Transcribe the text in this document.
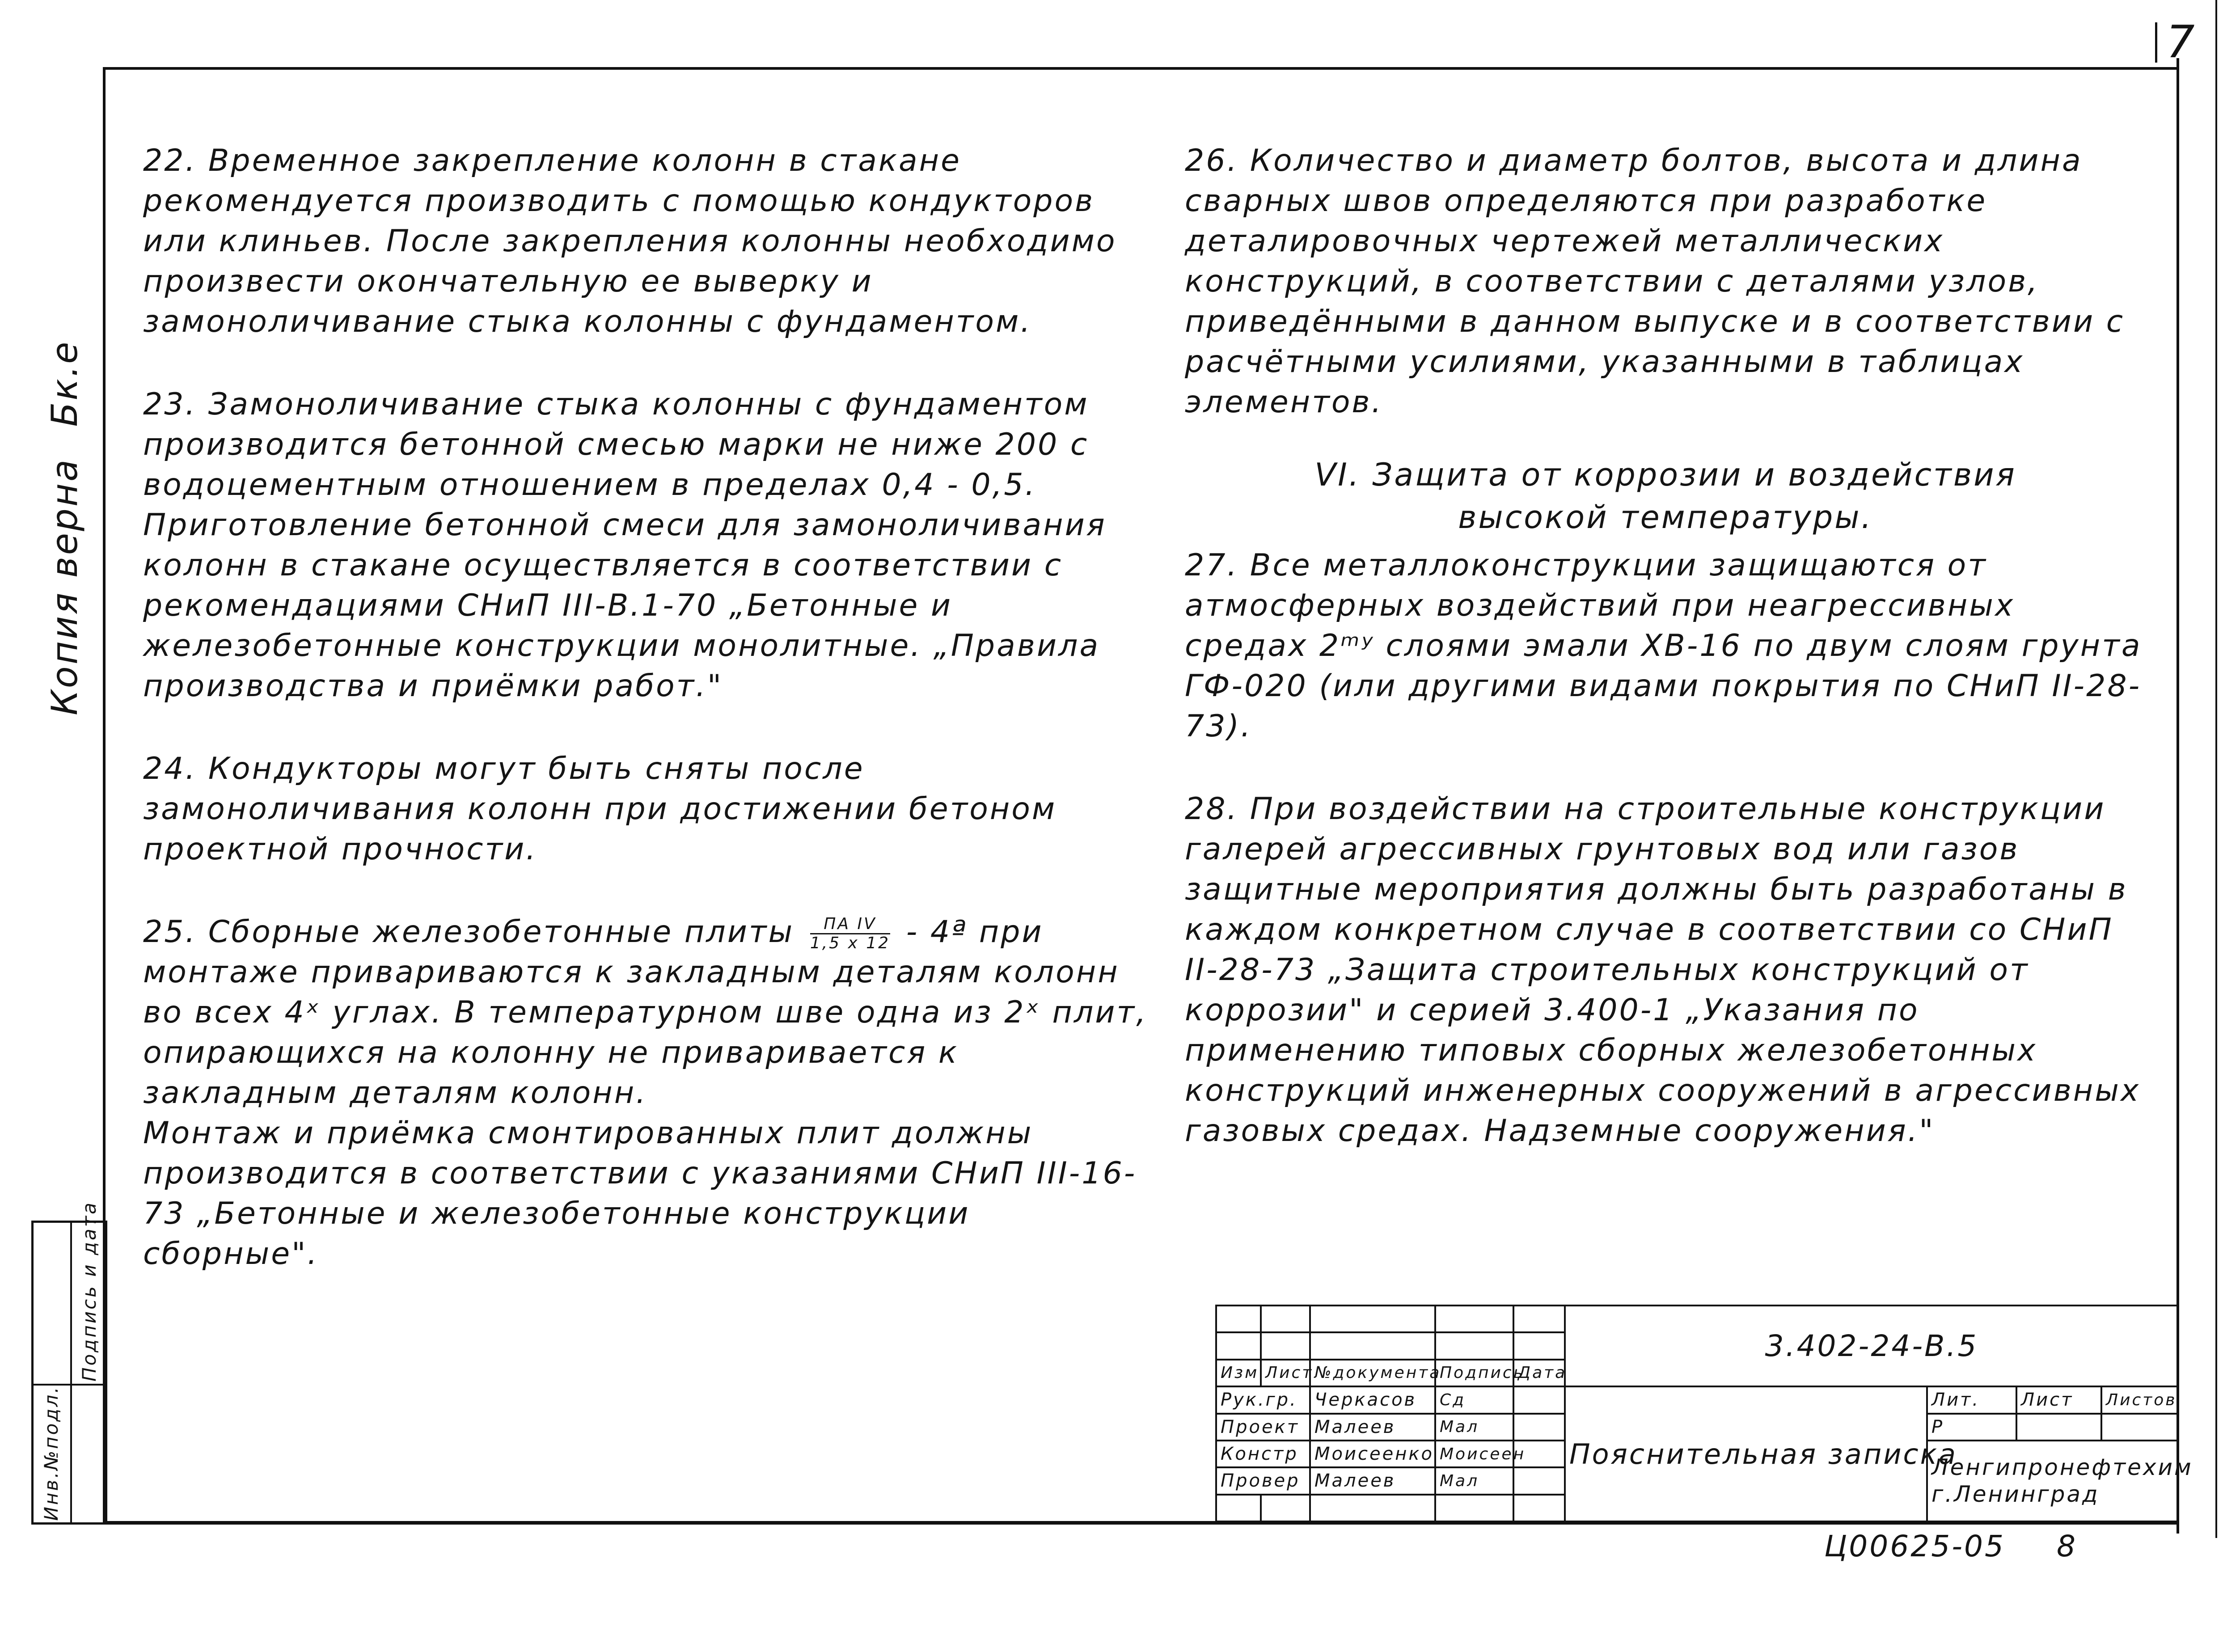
7
Копия верна Бк.е
Инв.№подл.
Подпись и дата

22. Временное закрепление колонн в стакане рекомендуется производить с помощью кондукторов или клиньев. После закрепления колонны необходимо произвести окончательную ее выверку и замоноличивание стыка колонны с фундаментом.

23. Замоноличивание стыка колонны с фундаментом производится бетонной смесью марки не ниже 200 с водоцементным отношением в пределах 0,4 - 0,5. Приготовление бетонной смеси для замоноличивания колонн в стакане осуществляется в соответствии с рекомендациями СНиП III-В.1-70 „Бетонные и железобетонные конструкции монолитные. „Правила производства и приёмки работ."

24. Кондукторы могут быть сняты после замоноличивания колонн при достижении бетоном проектной прочности.

25. Сборные железобетонные плиты	ПА IV
1,5 x 12 - 4ª при монтаже привариваются к закладным деталям колонн во всех 4ˣ углах. В температурном шве одна из 2ˣ плит, опирающихся на колонну не приваривается к закладным деталям колонн.

Монтаж и приёмка смонтированных плит должны производится в соответствии с указаниями СНиП III-16-73 „Бетонные и железобетонные конструкции сборные".

26. Количество и диаметр болтов, высота и длина сварных швов определяются при разработке деталировочных чертежей металлических конструкций, в соответствии с деталями узлов, приведёнными в данном выпуске и в соответствии с расчётными усилиями, указанными в таблицах элементов.

VI. Защита от коррозии и воздействия
высокой температуры.

27. Все металлоконструкции защищаются от атмосферных воздействий при неагрессивных средах 2ᵐʸ слоями эмали ХВ-16 по двум слоям грунта ГФ-020 (или другими видами покрытия по СНиП II-28-73).

28. При воздействии на строительные конструкции галерей агрессивных грунтовых вод или газов защитные мероприятия должны быть разработаны в каждом конкретном случае в соответствии со СНиП II-28-73 „Защита строительных конструкций от коррозии" и серией 3.400-1 „Указания по применению типовых сборных железобетонных конструкций инженерных сооружений в агрессивных газовых средах. Надземные сооружения."

					3.402-24-В.5			

Изм	Лист	№документа	Подпись	Дата				
Рук.гр.		Черкасов	Сд		Пояснительная записка	Лит.	Лист	Листов
Проект		Малеев	Мал			Р		
Констр		Моисеенко	Моисеен			Ленгипронефтехим
г.Ленинград		

Провер		Малеев	Мал					

Ц00625-05 8
